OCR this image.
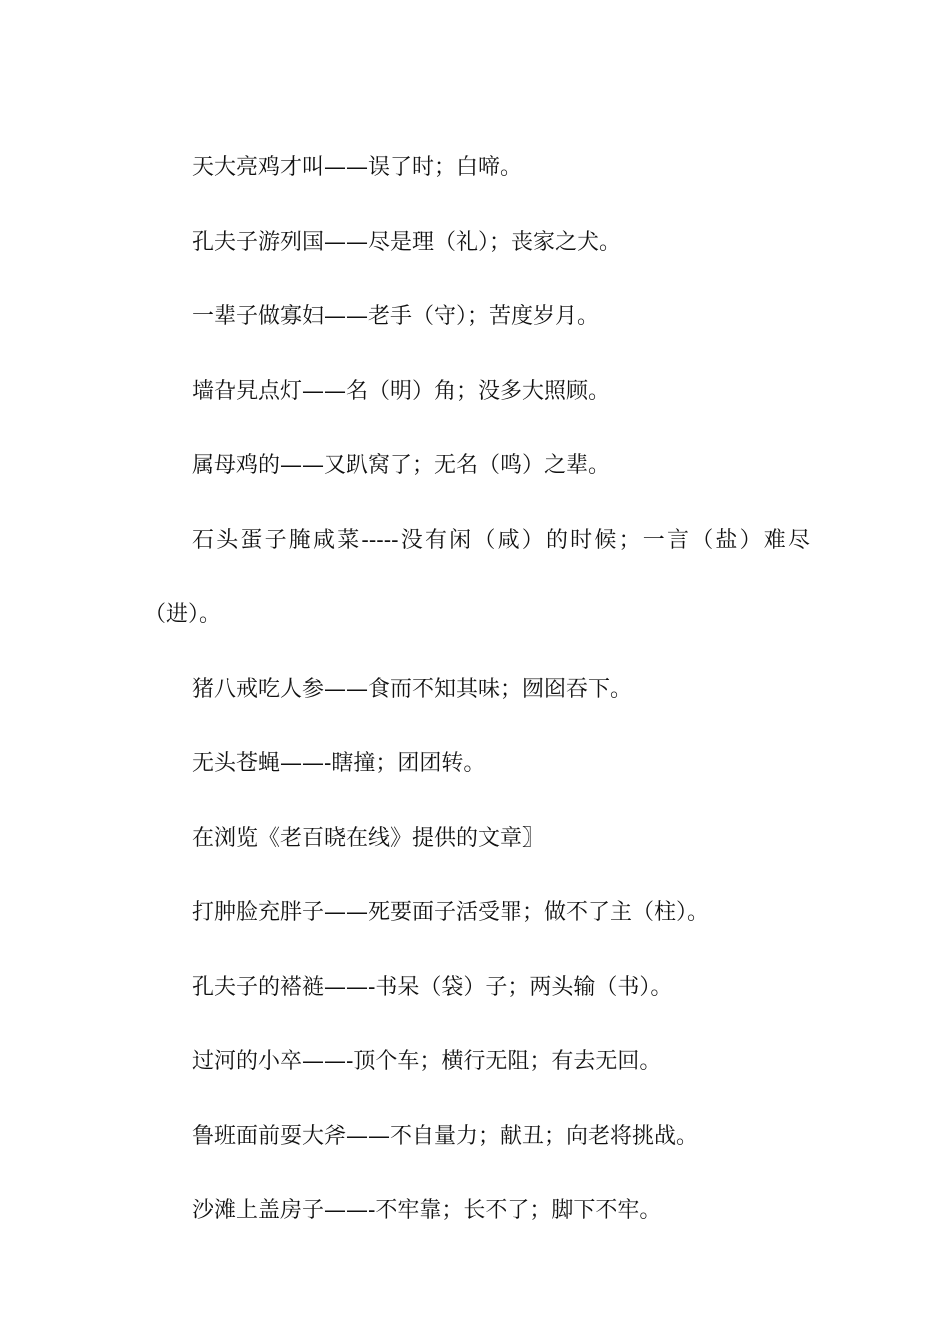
天大亮鸡才叫——误了时；白啼。

孔夫子游列国——尽是理（礼）；丧家之犬。

一辈子做寡妇——老手（守）；苦度岁月。

墙旮旯点灯——名（明）角；没多大照顾。

属母鸡的——又趴窝了；无名（鸣）之辈。

石头蛋子腌咸菜-----没有闲（咸）的时候；一言（盐）难尽（进）。

猪八戒吃人参——食而不知其味；囫囵吞下。

无头苍蝇——-瞎撞；团团转。

在浏览《老百晓在线》提供的文章〗

打肿脸充胖子——死要面子活受罪；做不了主（柱）。

孔夫子的褡裢——-书呆（袋）子；两头输（书）。

过河的小卒——-顶个车；横行无阻；有去无回。

鲁班面前耍大斧——不自量力；献丑；向老将挑战。

沙滩上盖房子——-不牢靠；长不了；脚下不牢。
